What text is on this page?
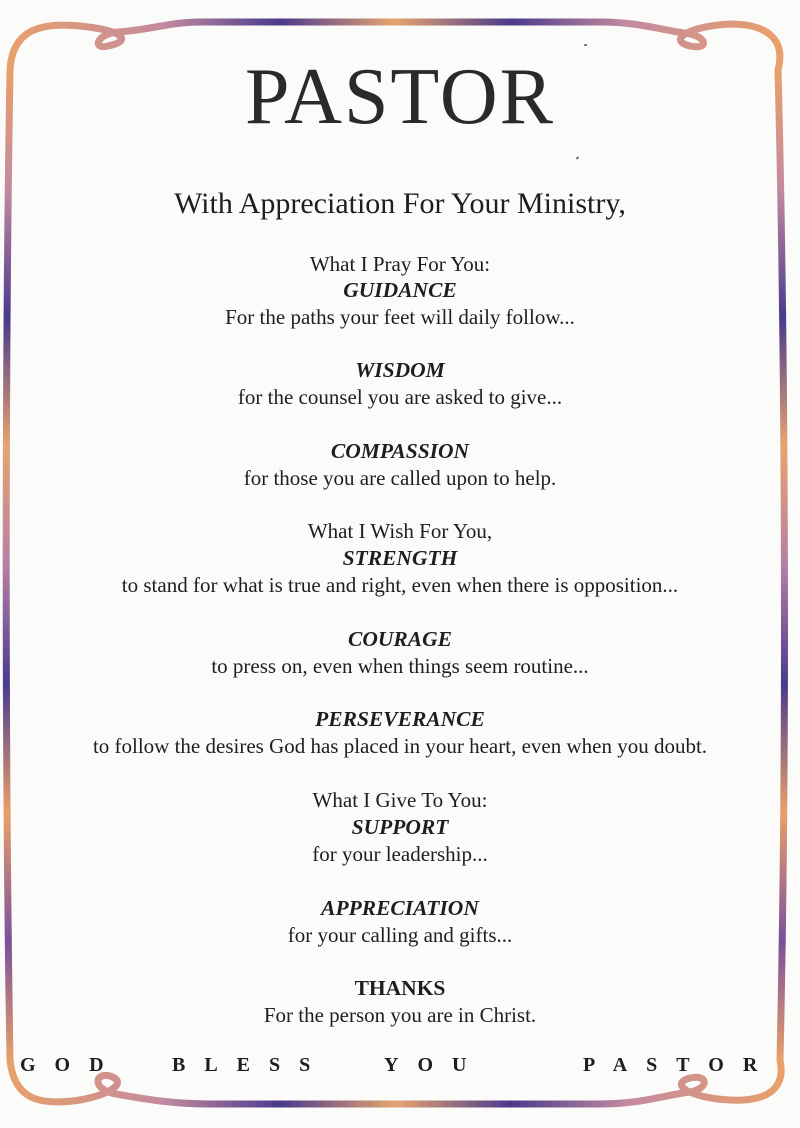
PASTOR
With Appreciation For Your Ministry,
What I Pray For You:
GUIDANCE
For the paths your feet will daily follow...
WISDOM
for the counsel you are asked to give...
COMPASSION
for those you are called upon to help.
What I Wish For You,
STRENGTH
to stand for what is true and right, even when there is opposition...
COURAGE
to press on, even when things seem routine...
PERSEVERANCE
to follow the desires God has placed in your heart, even when you doubt.
What I Give To You:
SUPPORT
for your leadership...
APPRECIATION
for your calling and gifts...
THANKS
For the person you are in Christ.
GOD BLESS	YOU	PASTOR
